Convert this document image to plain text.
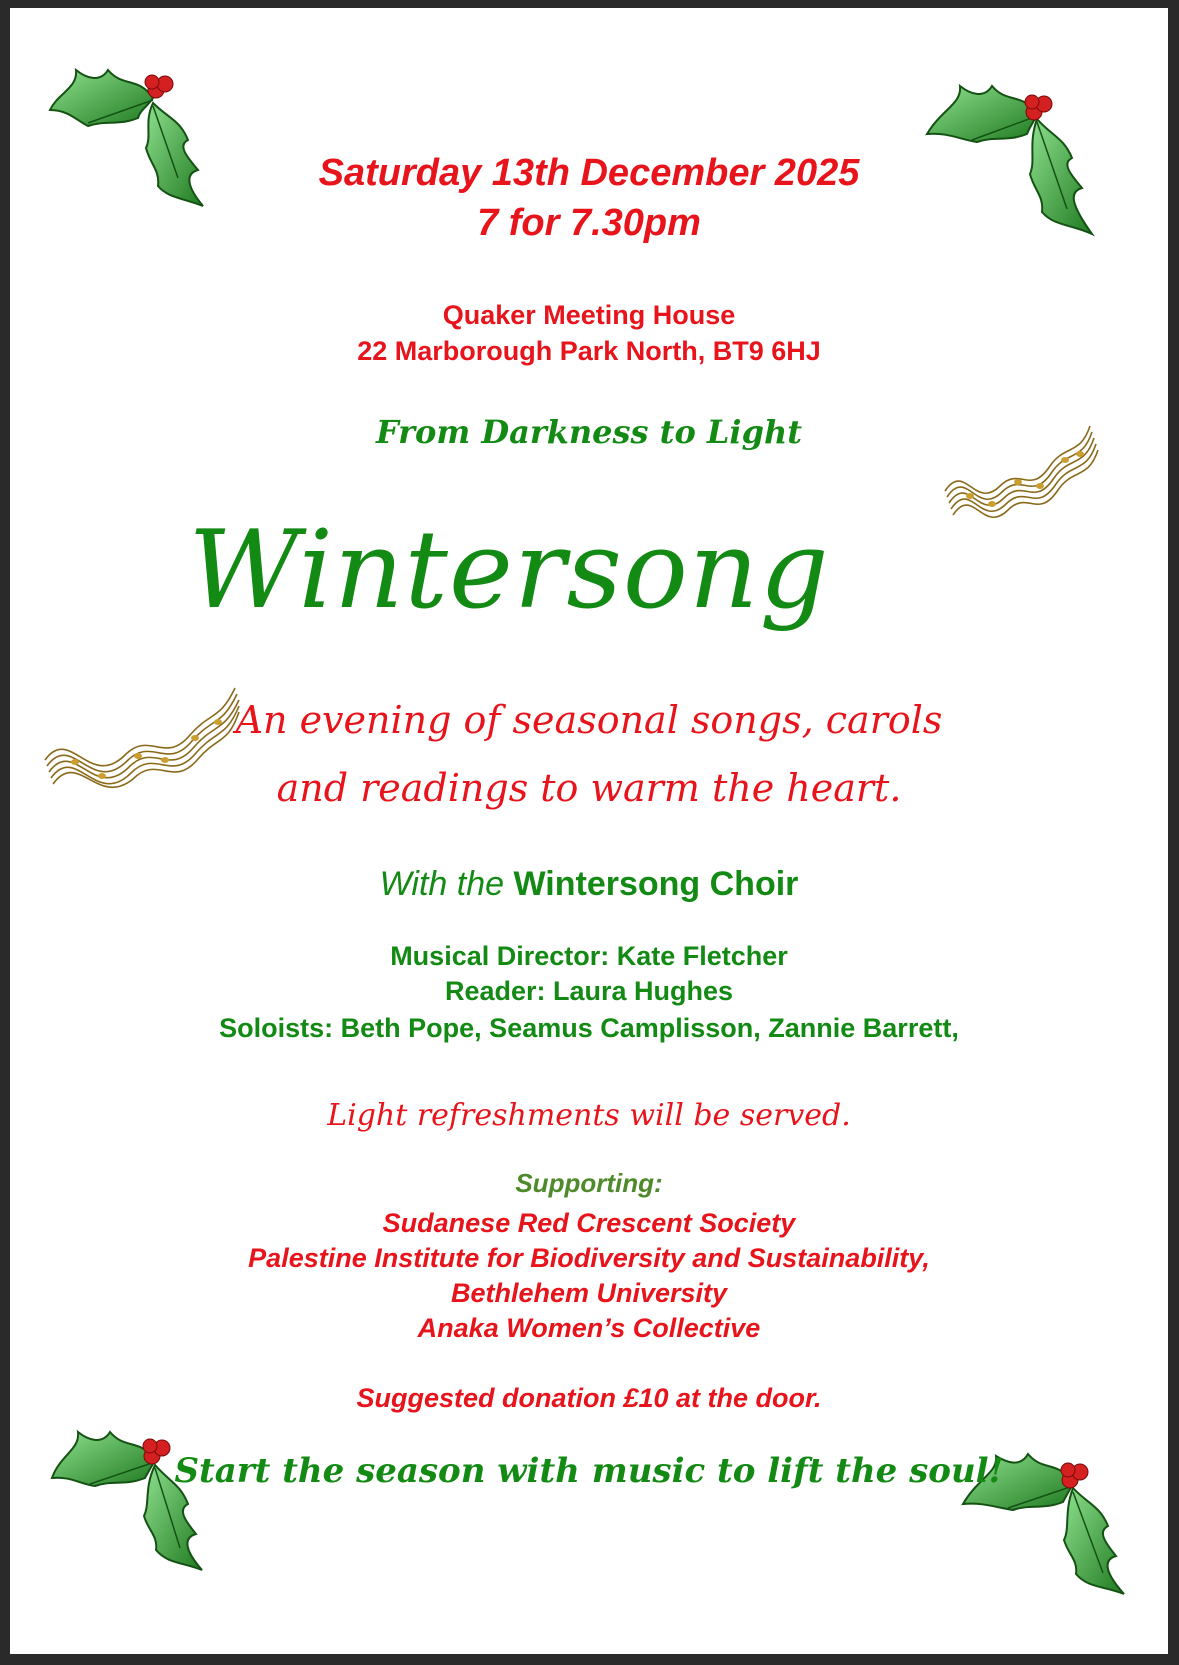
Saturday 13th December 2025
7 for 7.30pm
Quaker Meeting House
22 Marborough Park North, BT9 6HJ
From Darkness to Light
Wintersong
An evening of seasonal songs, carols
and readings to warm the heart.
With the Wintersong Choir
Musical Director: Kate Fletcher
Reader: Laura Hughes
Soloists: Beth Pope, Seamus Camplisson, Zannie Barrett,
Light refreshments will be served.
Supporting:
Sudanese Red Crescent Society
Palestine Institute for Biodiversity and Sustainability,
Bethlehem University
Anaka Women’s Collective
Suggested donation £10 at the door.
Start the season with music to lift the soul!
